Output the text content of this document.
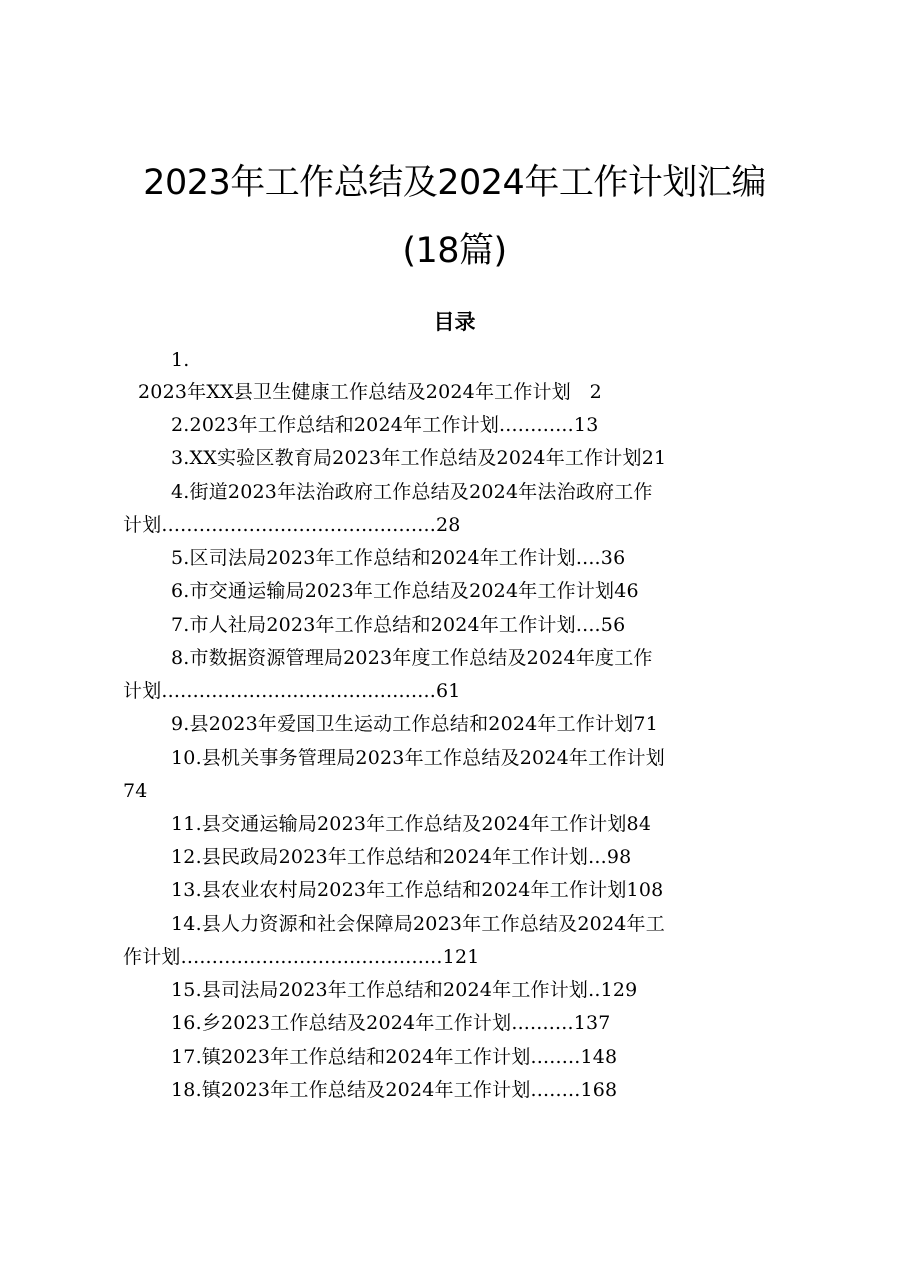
2023年工作总结及2024年工作计划汇编
(18篇)
目录
1.
2023年XX县卫生健康工作总结及2024年工作计划   2
2.2023年工作总结和2024年工作计划............13
3.XX实验区教育局2023年工作总结及2024年工作计划21
4.街道2023年法治政府工作总结及2024年法治政府工作
计划............................................28
5.区司法局2023年工作总结和2024年工作计划....36
6.市交通运输局2023年工作总结及2024年工作计划46
7.市人社局2023年工作总结和2024年工作计划....56
8.市数据资源管理局2023年度工作总结及2024年度工作
计划............................................61
9.县2023年爱国卫生运动工作总结和2024年工作计划71
10.县机关事务管理局2023年工作总结及2024年工作计划
74
11.县交通运输局2023年工作总结及2024年工作计划84
12.县民政局2023年工作总结和2024年工作计划...98
13.县农业农村局2023年工作总结和2024年工作计划108
14.县人力资源和社会保障局2023年工作总结及2024年工
作计划..........................................121
15.县司法局2023年工作总结和2024年工作计划..129
16.乡2023工作总结及2024年工作计划..........137
17.镇2023年工作总结和2024年工作计划........148
18.镇2023年工作总结及2024年工作计划........168
